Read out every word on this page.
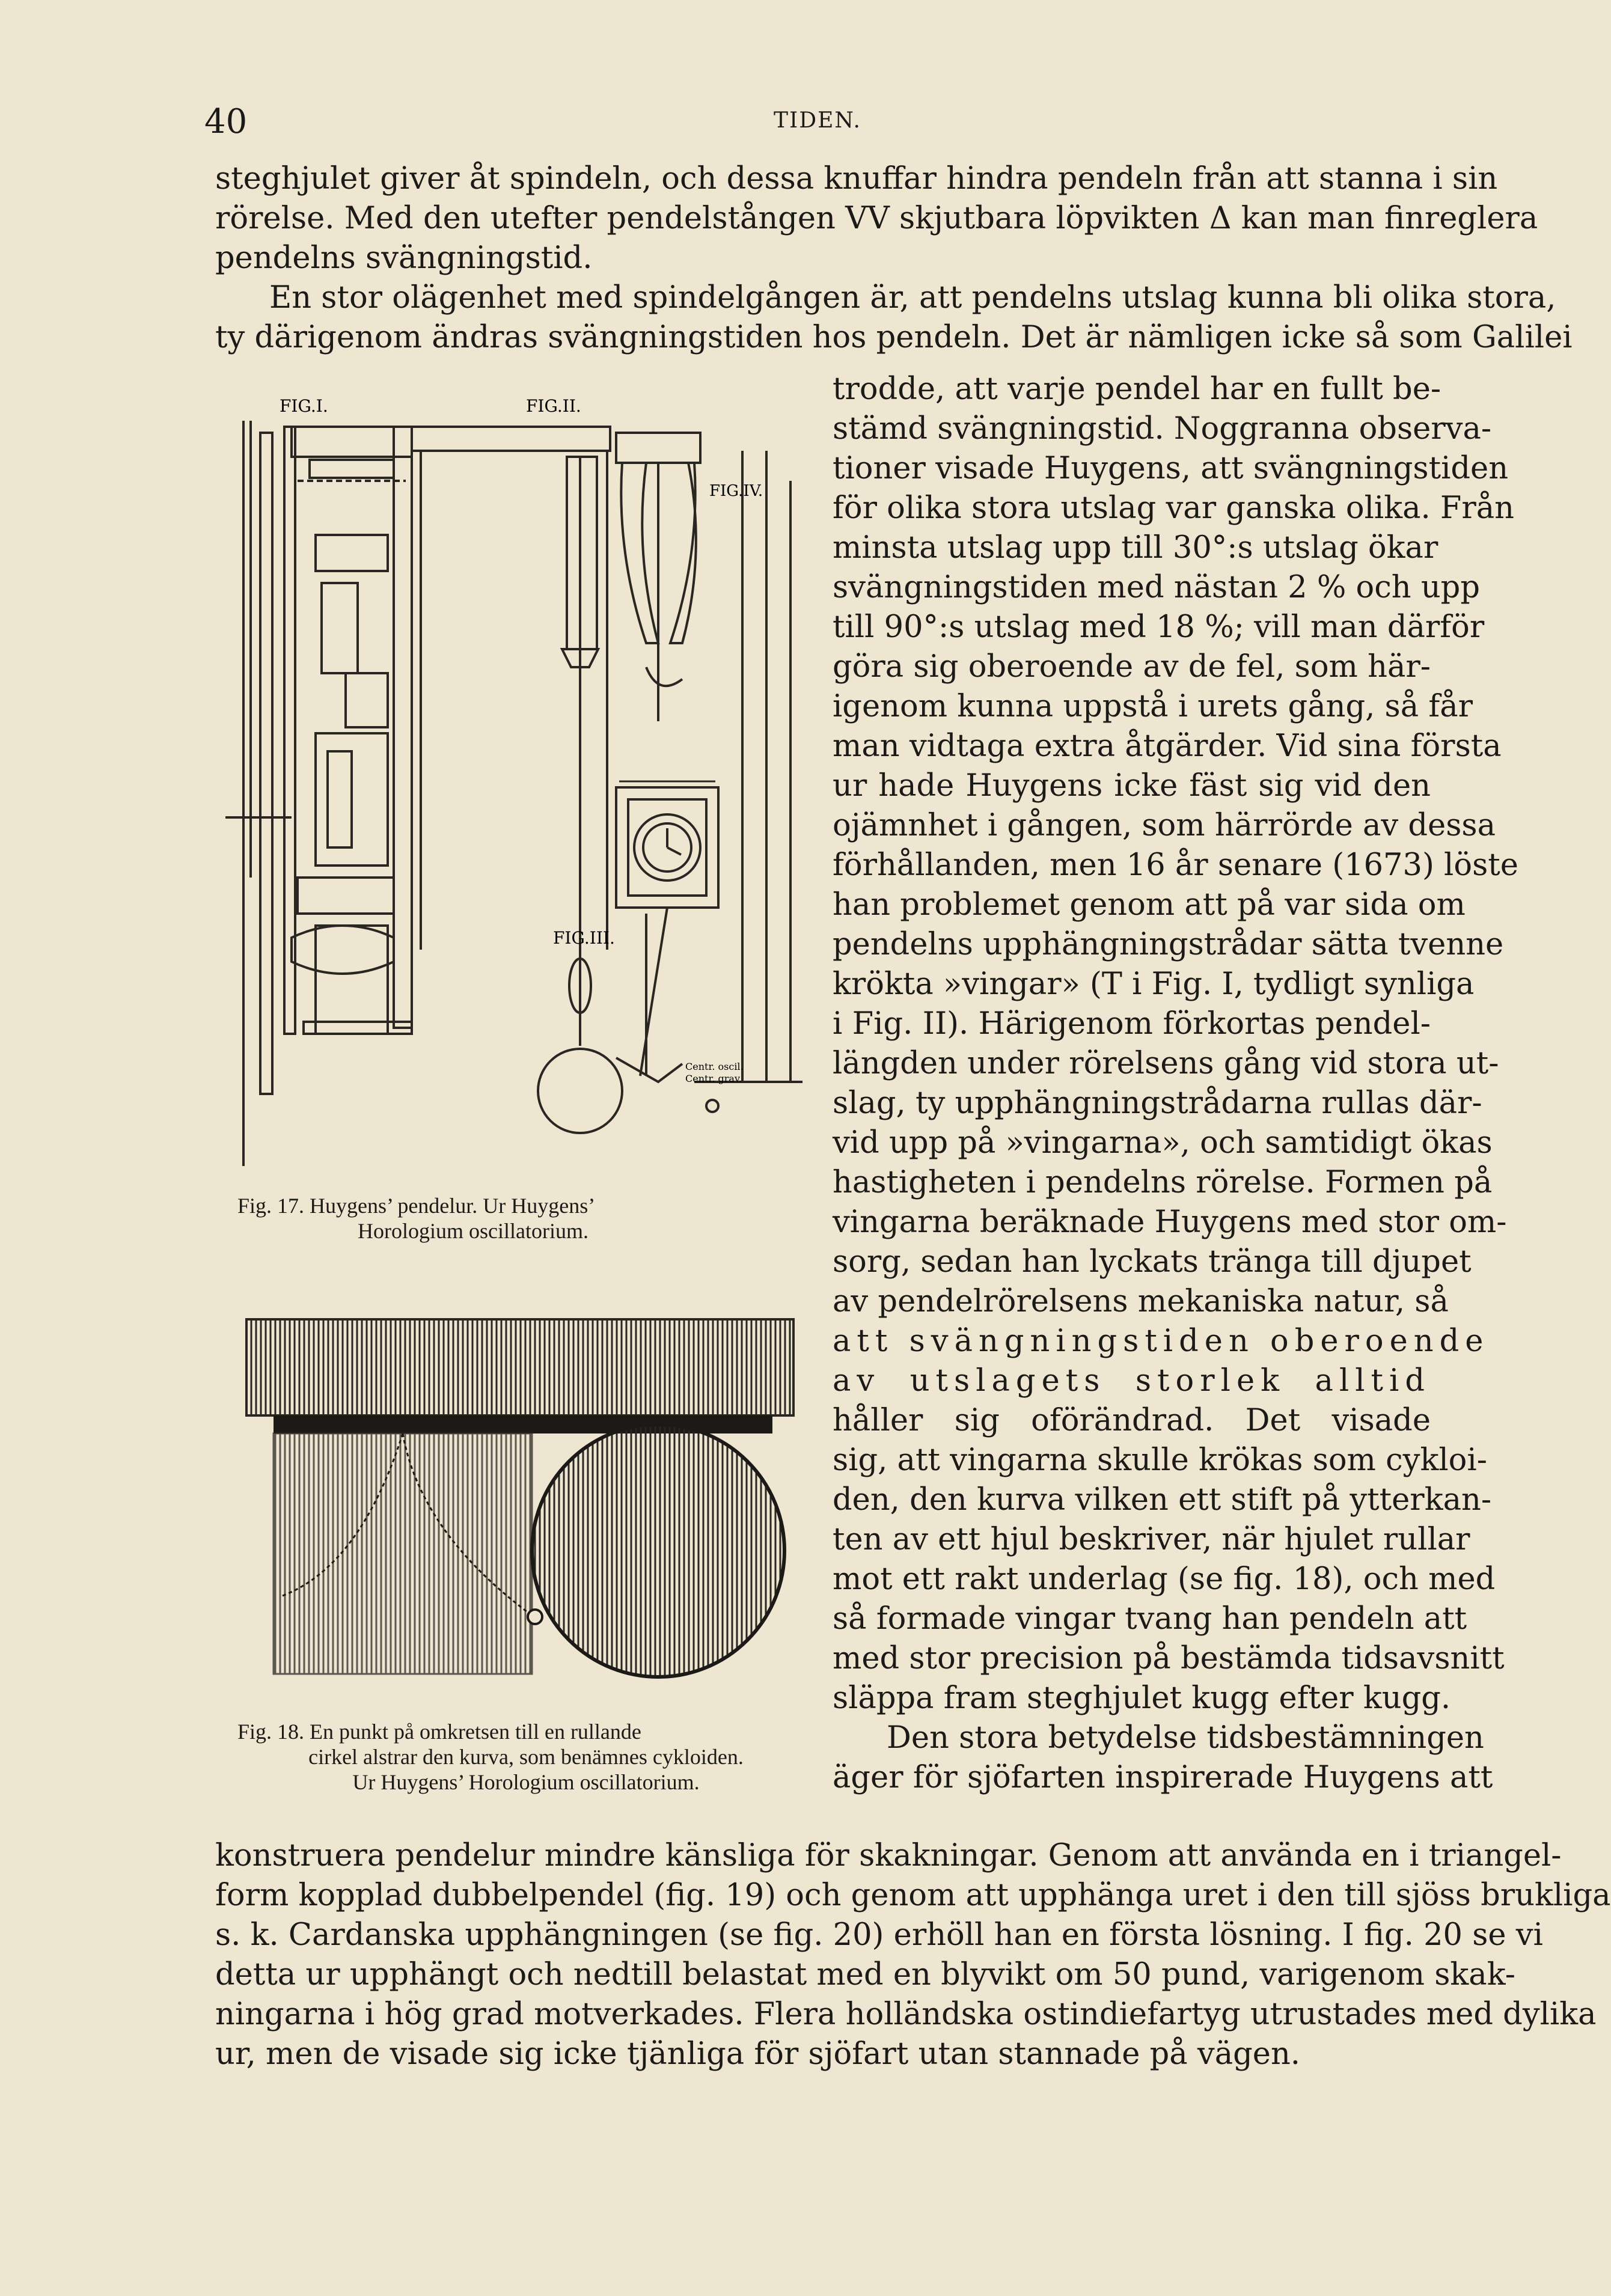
40	TIDEN.
steghjulet giver åt spindeln, och dessa knuffar hindra pendeln från att stanna i sin
rörelse. Med den utefter pendelstången VV skjutbara löpvikten Δ kan man finreglera
pendelns svängningstid.
En stor olägenhet med spindelgången är, att pendelns utslag kunna bli olika stora,
ty därigenom ändras svängningstiden hos pendeln. Det är nämligen icke så som Galilei
FIG.I.	FIG.II.
FIG.III.
FIG.IV.
Centr. oscil.
Centr. grav.
Fig. 17. Huygens’ pendelur. Ur Huygens’
Horologium oscillatorium.
Fig. 18. En punkt på omkretsen till en rullande
cirkel alstrar den kurva, som benämnes cykloiden.
Ur Huygens’ Horologium oscillatorium.
trodde, att varje pendel har en fullt be-
stämd svängningstid. Noggranna observa-
tioner visade Huygens, att svängningstiden
för olika stora utslag var ganska olika. Från
minsta utslag upp till 30°:s utslag ökar
svängningstiden med nästan 2 % och upp
till 90°:s utslag med 18 %; vill man därför
göra sig oberoende av de fel, som här-
igenom kunna uppstå i urets gång, så får
man vidtaga extra åtgärder. Vid sina första
ur hade Huygens icke fäst sig vid den
ojämnhet i gången, som härrörde av dessa
förhållanden, men 16 år senare (1673) löste
han problemet genom att på var sida om
pendelns upphängningstrådar sätta tvenne
krökta »vingar» (T i Fig. I, tydligt synliga
i Fig. II). Härigenom förkortas pendel-
längden under rörelsens gång vid stora ut-
slag, ty upphängningstrådarna rullas där-
vid upp på »vingarna», och samtidigt ökas
hastigheten i pendelns rörelse. Formen på
vingarna beräknade Huygens med stor om-
sorg, sedan han lyckats tränga till djupet
av pendelrörelsens mekaniska natur, så
att svängningstiden oberoende
av utslagets storlek alltid
håller sig oförändrad. Det visade
sig, att vingarna skulle krökas som cykloi-
den, den kurva vilken ett stift på ytterkan-
ten av ett hjul beskriver, när hjulet rullar
mot ett rakt underlag (se fig. 18), och med
så formade vingar tvang han pendeln att
med stor precision på bestämda tidsavsnitt
släppa fram steghjulet kugg efter kugg.
Den stora betydelse tidsbestämningen
äger för sjöfarten inspirerade Huygens att
konstruera pendelur mindre känsliga för skakningar. Genom att använda en i triangel-
form kopplad dubbelpendel (fig. 19) och genom att upphänga uret i den till sjöss brukliga
s. k. Cardanska upphängningen (se fig. 20) erhöll han en första lösning. I fig. 20 se vi
detta ur upphängt och nedtill belastat med en blyvikt om 50 pund, varigenom skak-
ningarna i hög grad motverkades. Flera holländska ostindiefartyg utrustades med dylika
ur, men de visade sig icke tjänliga för sjöfart utan stannade på vägen.
